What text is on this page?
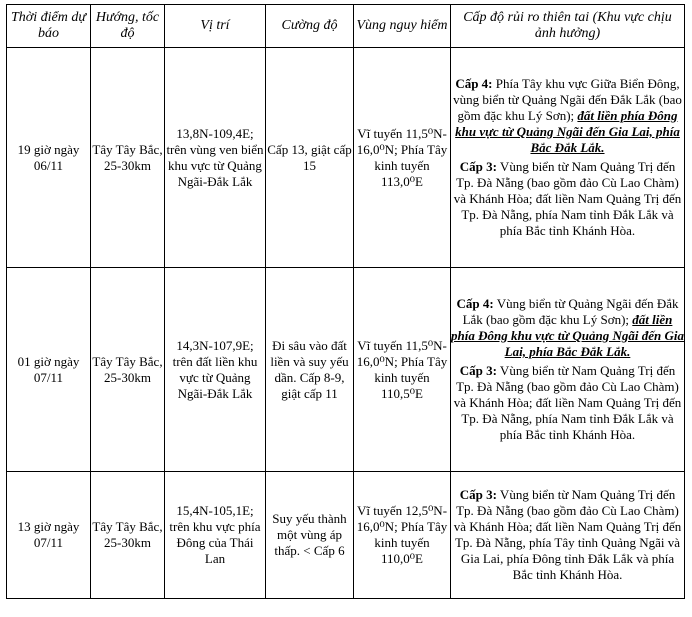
Thời điểm dự báo	Hướng, tốc độ	Vị trí	Cường độ	Vùng nguy hiểm	Cấp độ rủi ro thiên tai (Khu vực chịu ảnh hưởng)
19 giờ ngày 06/11	Tây Tây Bắc, 25-30km	13,8N-109,4E; trên vùng ven biển khu vực từ Quảng Ngãi-Đắk Lắk	Cấp 13, giật cấp 15	Vĩ tuyến 11,5⁰N-16,0⁰N; Phía Tây kinh tuyến 113,0⁰E	Cấp 4: Phía Tây khu vực Giữa Biển Đông, vùng biển từ Quảng Ngãi đến Đắk Lắk (bao gồm đặc khu Lý Sơn); đất liền phía Đông khu vực từ Quảng Ngãi đến Gia Lai, phía Bắc Đắk Lắk.

Cấp 3: Vùng biển từ Nam Quảng Trị đến Tp. Đà Nẵng (bao gồm đảo Cù Lao Chàm) và Khánh Hòa; đất liền Nam Quảng Trị đến Tp. Đà Nẵng, phía Nam tỉnh Đắk Lắk và phía Bắc tỉnh Khánh Hòa.

01 giờ ngày 07/11	Tây Tây Bắc, 25-30km	14,3N-107,9E; trên đất liền khu vực từ Quảng Ngãi-Đắk Lắk	Đi sâu vào đất liền và suy yếu dần. Cấp 8-9, giật cấp 11	Vĩ tuyến 11,5⁰N-16,0⁰N; Phía Tây kinh tuyến 110,5⁰E	Cấp 4: Vùng biển từ Quảng Ngãi đến Đắk Lắk (bao gồm đặc khu Lý Sơn); đất liền phía Đông khu vực từ Quảng Ngãi đến Gia Lai, phía Bắc Đắk Lắk.

Cấp 3: Vùng biển từ Nam Quảng Trị đến Tp. Đà Nẵng (bao gồm đảo Cù Lao Chàm) và Khánh Hòa; đất liền Nam Quảng Trị đến Tp. Đà Nẵng, phía Nam tỉnh Đắk Lắk và phía Bắc tỉnh Khánh Hòa.

13 giờ ngày 07/11	Tây Tây Bắc, 25-30km	15,4N-105,1E; trên khu vực phía Đông của Thái Lan	Suy yếu thành một vùng áp thấp. < Cấp 6	Vĩ tuyến 12,5⁰N-16,0⁰N; Phía Tây kinh tuyến 110,0⁰E	Cấp 3: Vùng biển từ Nam Quảng Trị đến Tp. Đà Nẵng (bao gồm đảo Cù Lao Chàm) và Khánh Hòa; đất liền Nam Quảng Trị đến Tp. Đà Nẵng, phía Tây tỉnh Quảng Ngãi và Gia Lai, phía Đông tỉnh Đắk Lắk và phía Bắc tỉnh Khánh Hòa.
